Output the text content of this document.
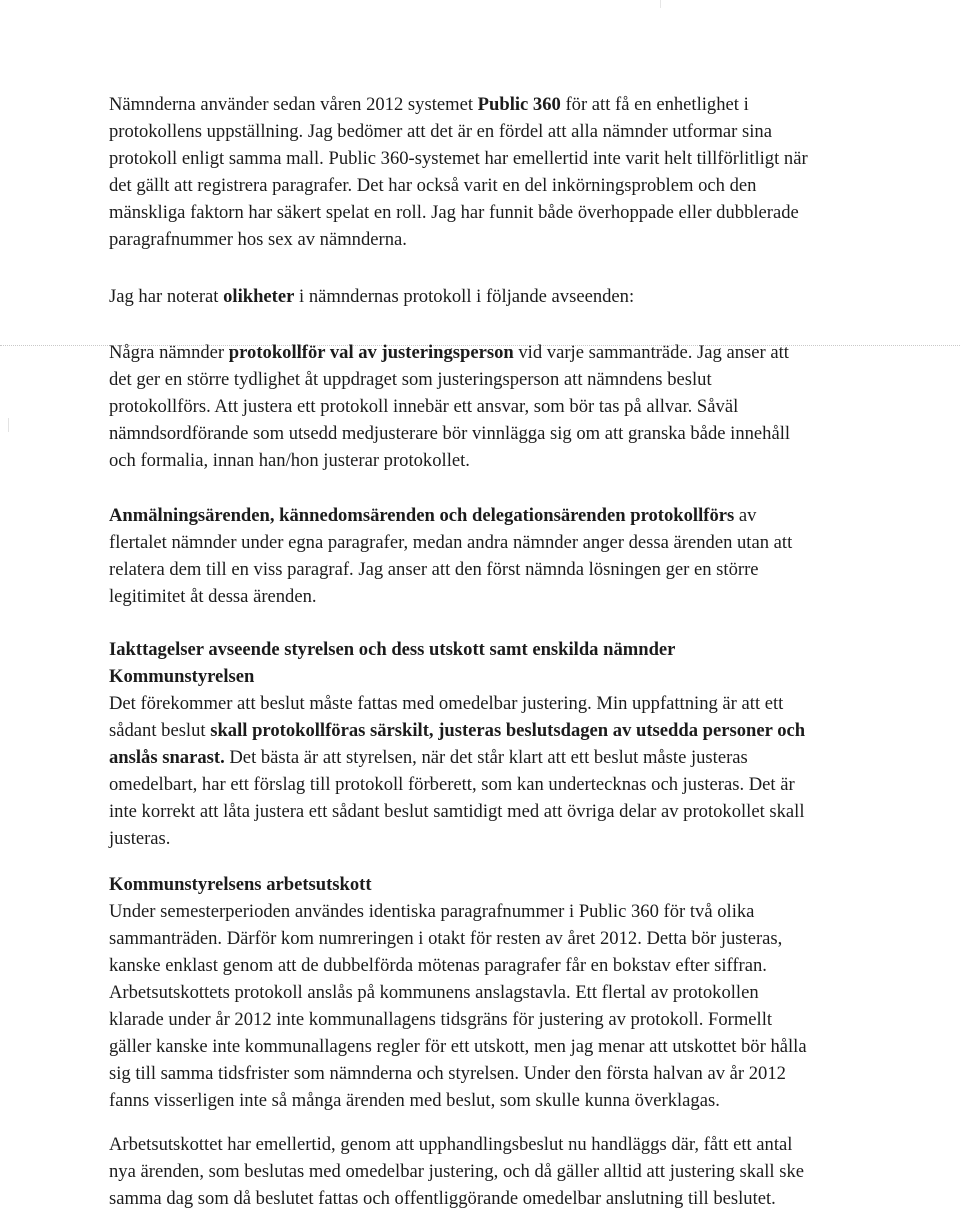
Nämnderna använder sedan våren 2012 systemet Public 360 för att få en enhetlighet i
protokollens uppställning. Jag bedömer att det är en fördel att alla nämnder utformar sina
protokoll enligt samma mall. Public 360-systemet har emellertid inte varit helt tillförlitligt när
det gällt att registrera paragrafer. Det har också varit en del inkörningsproblem och den
mänskliga faktorn har säkert spelat en roll. Jag har funnit både överhoppade eller dubblerade
paragrafnummer hos sex av nämnderna.

Jag har noterat olikheter i nämndernas protokoll i följande avseenden:

Några nämnder protokollför val av justeringsperson vid varje sammanträde. Jag anser att
det ger en större tydlighet åt uppdraget som justeringsperson att nämndens beslut
protokollförs. Att justera ett protokoll innebär ett ansvar, som bör tas på allvar. Såväl
nämndsordförande som utsedd medjusterare bör vinnlägga sig om att granska både innehåll
och formalia, innan han/hon justerar protokollet.

Anmälningsärenden, kännedomsärenden och delegationsärenden protokollförs av
flertalet nämnder under egna paragrafer, medan andra nämnder anger dessa ärenden utan att
relatera dem till en viss paragraf. Jag anser att den först nämnda lösningen ger en större
legitimitet åt dessa ärenden.

Iakttagelser avseende styrelsen och dess utskott samt enskilda nämnder
Kommunstyrelsen
Det förekommer att beslut måste fattas med omedelbar justering. Min uppfattning är att ett
sådant beslut skall protokollföras särskilt, justeras beslutsdagen av utsedda personer och
anslås snarast. Det bästa är att styrelsen, när det står klart att ett beslut måste justeras
omedelbart, har ett förslag till protokoll förberett, som kan undertecknas och justeras. Det är
inte korrekt att låta justera ett sådant beslut samtidigt med att övriga delar av protokollet skall
justeras.

Kommunstyrelsens arbetsutskott
Under semesterperioden användes identiska paragrafnummer i Public 360 för två olika
sammanträden. Därför kom numreringen i otakt för resten av året 2012. Detta bör justeras,
kanske enklast genom att de dubbelförda mötenas paragrafer får en bokstav efter siffran.
Arbetsutskottets protokoll anslås på kommunens anslagstavla. Ett flertal av protokollen
klarade under år 2012 inte kommunallagens tidsgräns för justering av protokoll. Formellt
gäller kanske inte kommunallagens regler för ett utskott, men jag menar att utskottet bör hålla
sig till samma tidsfrister som nämnderna och styrelsen. Under den första halvan av år 2012
fanns visserligen inte så många ärenden med beslut, som skulle kunna överklagas.

Arbetsutskottet har emellertid, genom att upphandlingsbeslut nu handläggs där, fått ett antal
nya ärenden, som beslutas med omedelbar justering, och då gäller alltid att justering skall ske
samma dag som då beslutet fattas och offentliggörande omedelbar anslutning till beslutet.
